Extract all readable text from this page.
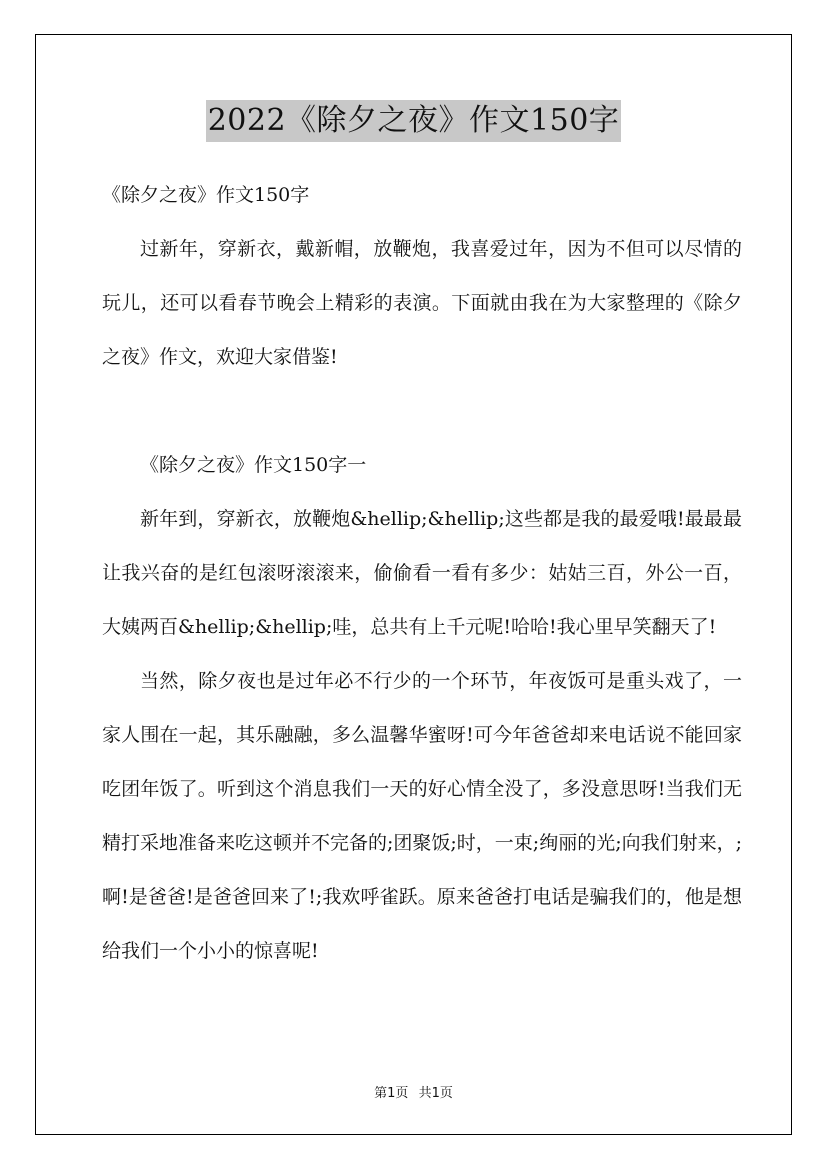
2022《除夕之夜》作文150字

《除夕之夜》作文150字

过新年，穿新衣，戴新帽，放鞭炮，我喜爱过年，因为不但可以尽情的玩儿，还可以看春节晚会上精彩的表演。下面就由我在为大家整理的《除夕之夜》作文，欢迎大家借鉴!

《除夕之夜》作文150字一

新年到，穿新衣，放鞭炮&hellip;&hellip;这些都是我的最爱哦!最最最让我兴奋的是红包滚呀滚滚来，偷偷看一看有多少：姑姑三百，外公一百，大姨两百&hellip;&hellip;哇，总共有上千元呢!哈哈!我心里早笑翻天了!

当然，除夕夜也是过年必不行少的一个环节，年夜饭可是重头戏了，一家人围在一起，其乐融融，多么温馨华蜜呀!可今年爸爸却来电话说不能回家吃团年饭了。听到这个消息我们一天的好心情全没了，多没意思呀!当我们无精打采地准备来吃这顿并不完备的;团聚饭;时，一束;绚丽的光;向我们射来，;啊!是爸爸!是爸爸回来了!;我欢呼雀跃。原来爸爸打电话是骗我们的，他是想给我们一个小小的惊喜呢!

第1页 共1页
